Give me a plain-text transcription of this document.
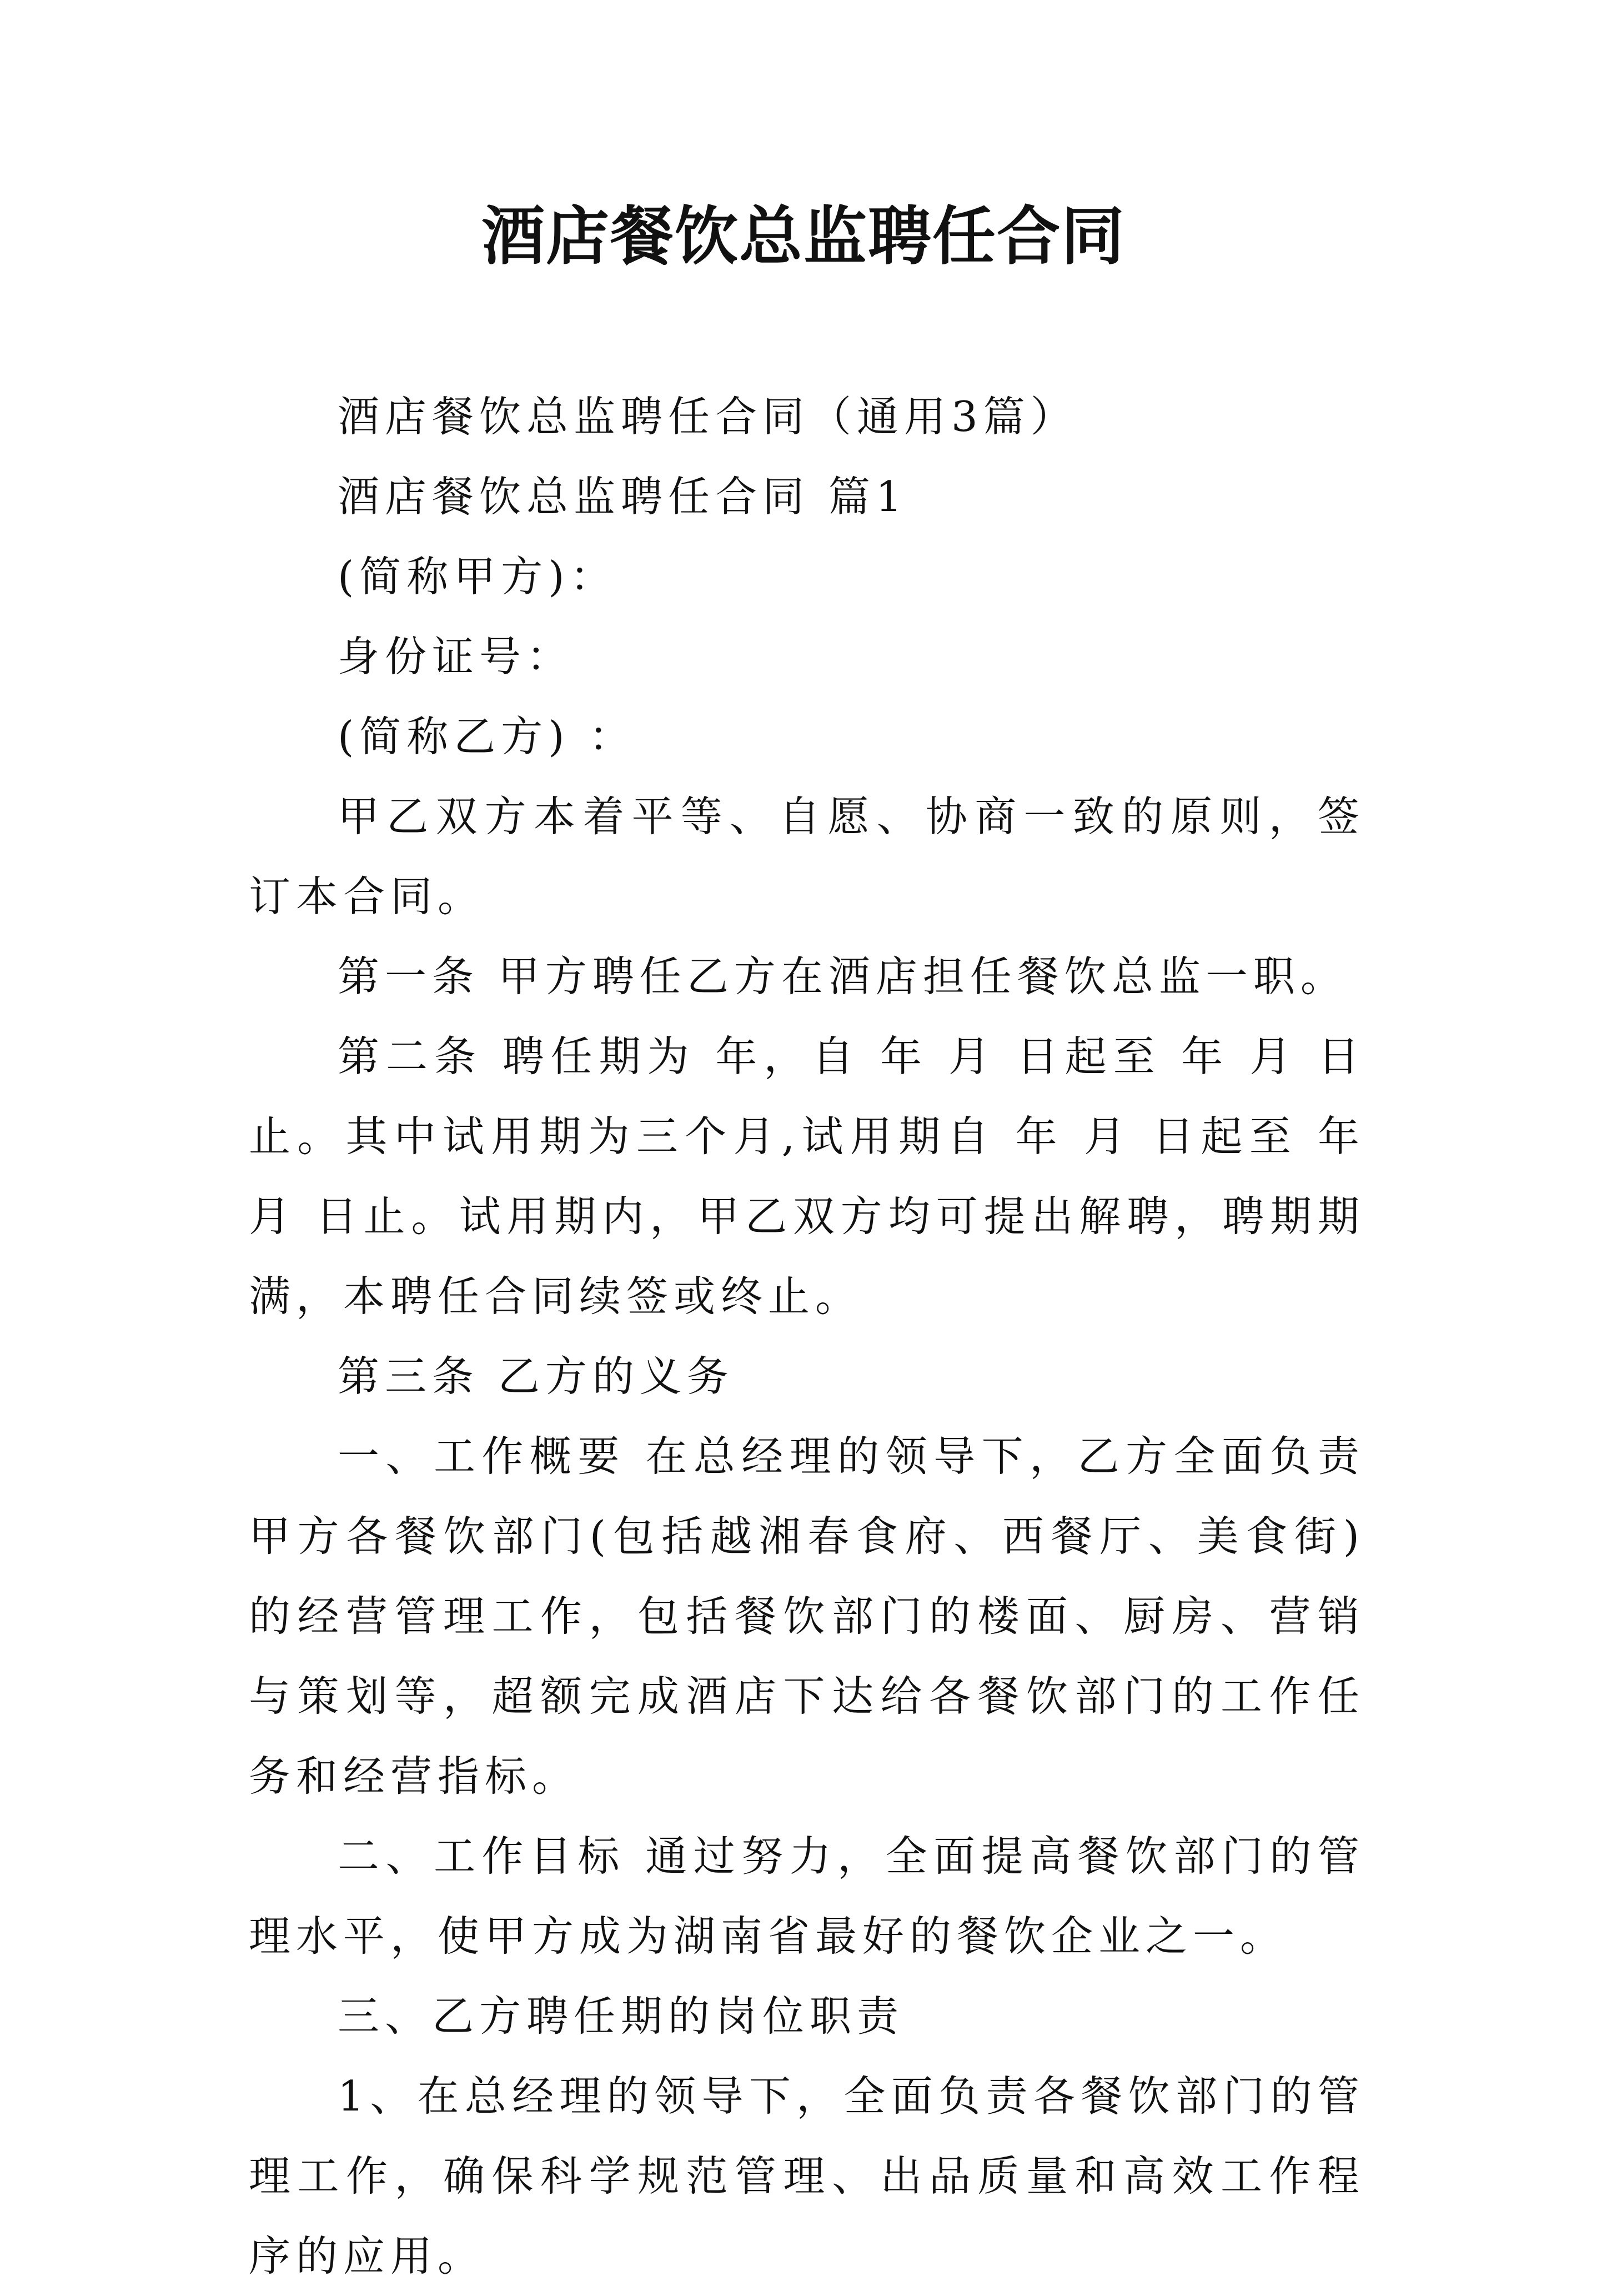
酒店餐饮总监聘任合同

酒店餐饮总监聘任合同（通用3篇）

酒店餐饮总监聘任合同 篇1

(简称甲方)：

身份证号：

(简称乙方) ：

甲乙双方本着平等、自愿、协商一致的原则，签订本合同。

第一条 甲方聘任乙方在酒店担任餐饮总监一职。

第二条 聘任期为 年，自 年 月 日起至 年 月 日止。其中试用期为三个月,试用期自 年 月 日起至 年 月 日止。试用期内，甲乙双方均可提出解聘，聘期期满，本聘任合同续签或终止。

第三条 乙方的义务

一、工作概要 在总经理的领导下，乙方全面负责甲方各餐饮部门(包括越湘春食府、西餐厅、美食街)的经营管理工作，包括餐饮部门的楼面、厨房、营销与策划等，超额完成酒店下达给各餐饮部门的工作任务和经营指标。

二、工作目标 通过努力，全面提高餐饮部门的管理水平，使甲方成为湖南省最好的餐饮企业之一。

三、乙方聘任期的岗位职责

1、在总经理的领导下，全面负责各餐饮部门的管理工作，确保科学规范管理、出品质量和高效工作程序的应用。
